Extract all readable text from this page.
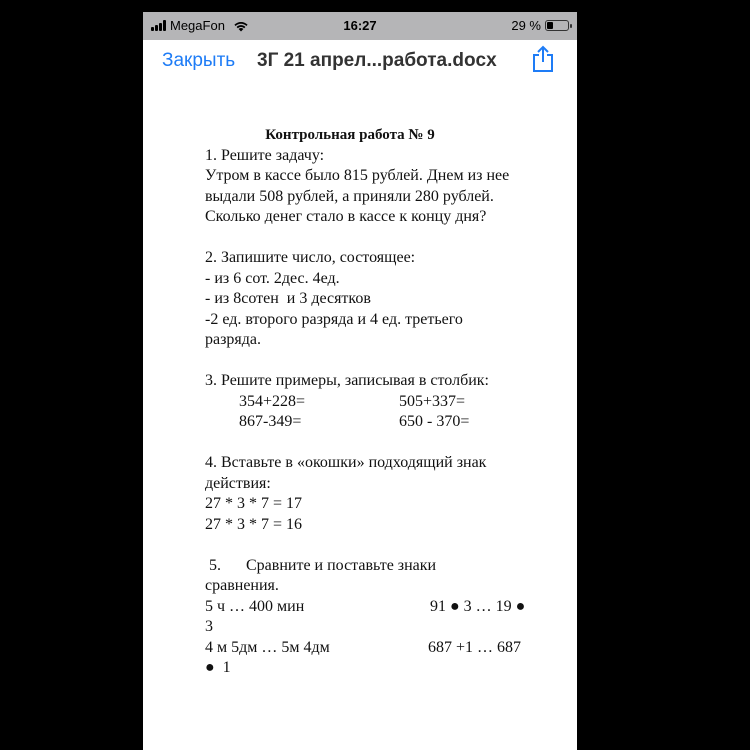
MegaFon	16:27	29 %
Закрыть 3Г 21 апрел...работа.docx
Контрольная работа № 9
1. Решите задачу:
Утром в кассе было 815 рублей. Днем из нее
выдали 508 рублей, а приняли 280 рублей.
Сколько денег стало в кассе к концу дня?
2. Запишите число, состоящее:
- из 6 сот. 2дес. 4ед.
- из 8сотен  и 3 десятков
-2 ед. второго разряда и 4 ед. третьего
разряда.
3. Решите примеры, записывая в столбик:
354+228=	505+337=
867-349=	650 - 370=
4. Вставьте в «окошки» подходящий знак
действия:
27 * 3 * 7 = 17
27 * 3 * 7 = 16
5. Сравните и поставьте знаки
сравнения.
5 ч … 400 мин	91 ● 3 … 19 ●
3
4 м 5дм … 5м 4дм	687 +1 … 687
●  1
